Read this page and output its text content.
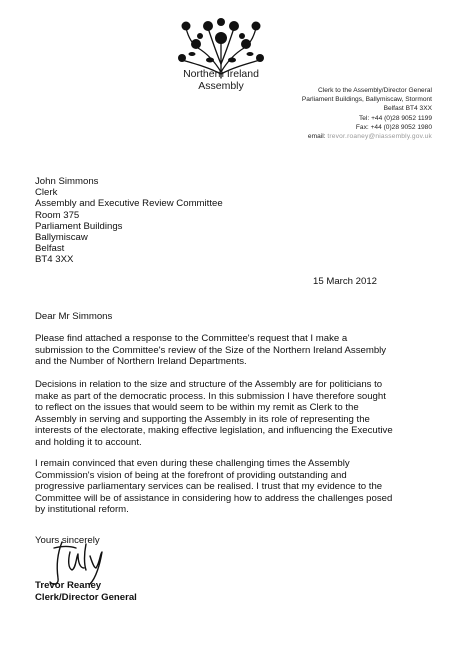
Northern Ireland
Assembly	Clerk to the Assembly/Director General
Parliament Buildings, Ballymiscaw, Stormont
Belfast BT4 3XX
Tel: +44 (0)28 9052 1199
Fax: +44 (0)28 9052 1980
email: trevor.roaney@niassembly.gov.uk
John Simmons
Clerk
Assembly and Executive Review Committee
Room 375
Parliament Buildings
Ballymiscaw
Belfast
BT4 3XX
15 March 2012
Dear Mr Simmons
Please find attached a response to the Committee's request that I make a
submission to the Committee's review of the Size of the Northern Ireland Assembly
and the Number of Northern Ireland Departments.
Decisions in relation to the size and structure of the Assembly are for politicians to
make as part of the democratic process. In this submission I have therefore sought
to reflect on the issues that would seem to be within my remit as Clerk to the
Assembly in serving and supporting the Assembly in its role of representing the
interests of the electorate, making effective legislation, and influencing the Executive
and holding it to account.
I remain convinced that even during these challenging times the Assembly
Commission's vision of being at the forefront of providing outstanding and
progressive parliamentary services can be realised. I trust that my evidence to the
Committee will be of assistance in considering how to address the challenges posed
by institutional reform.
Yours sincerely
Trevor Reaney
Clerk/Director General
